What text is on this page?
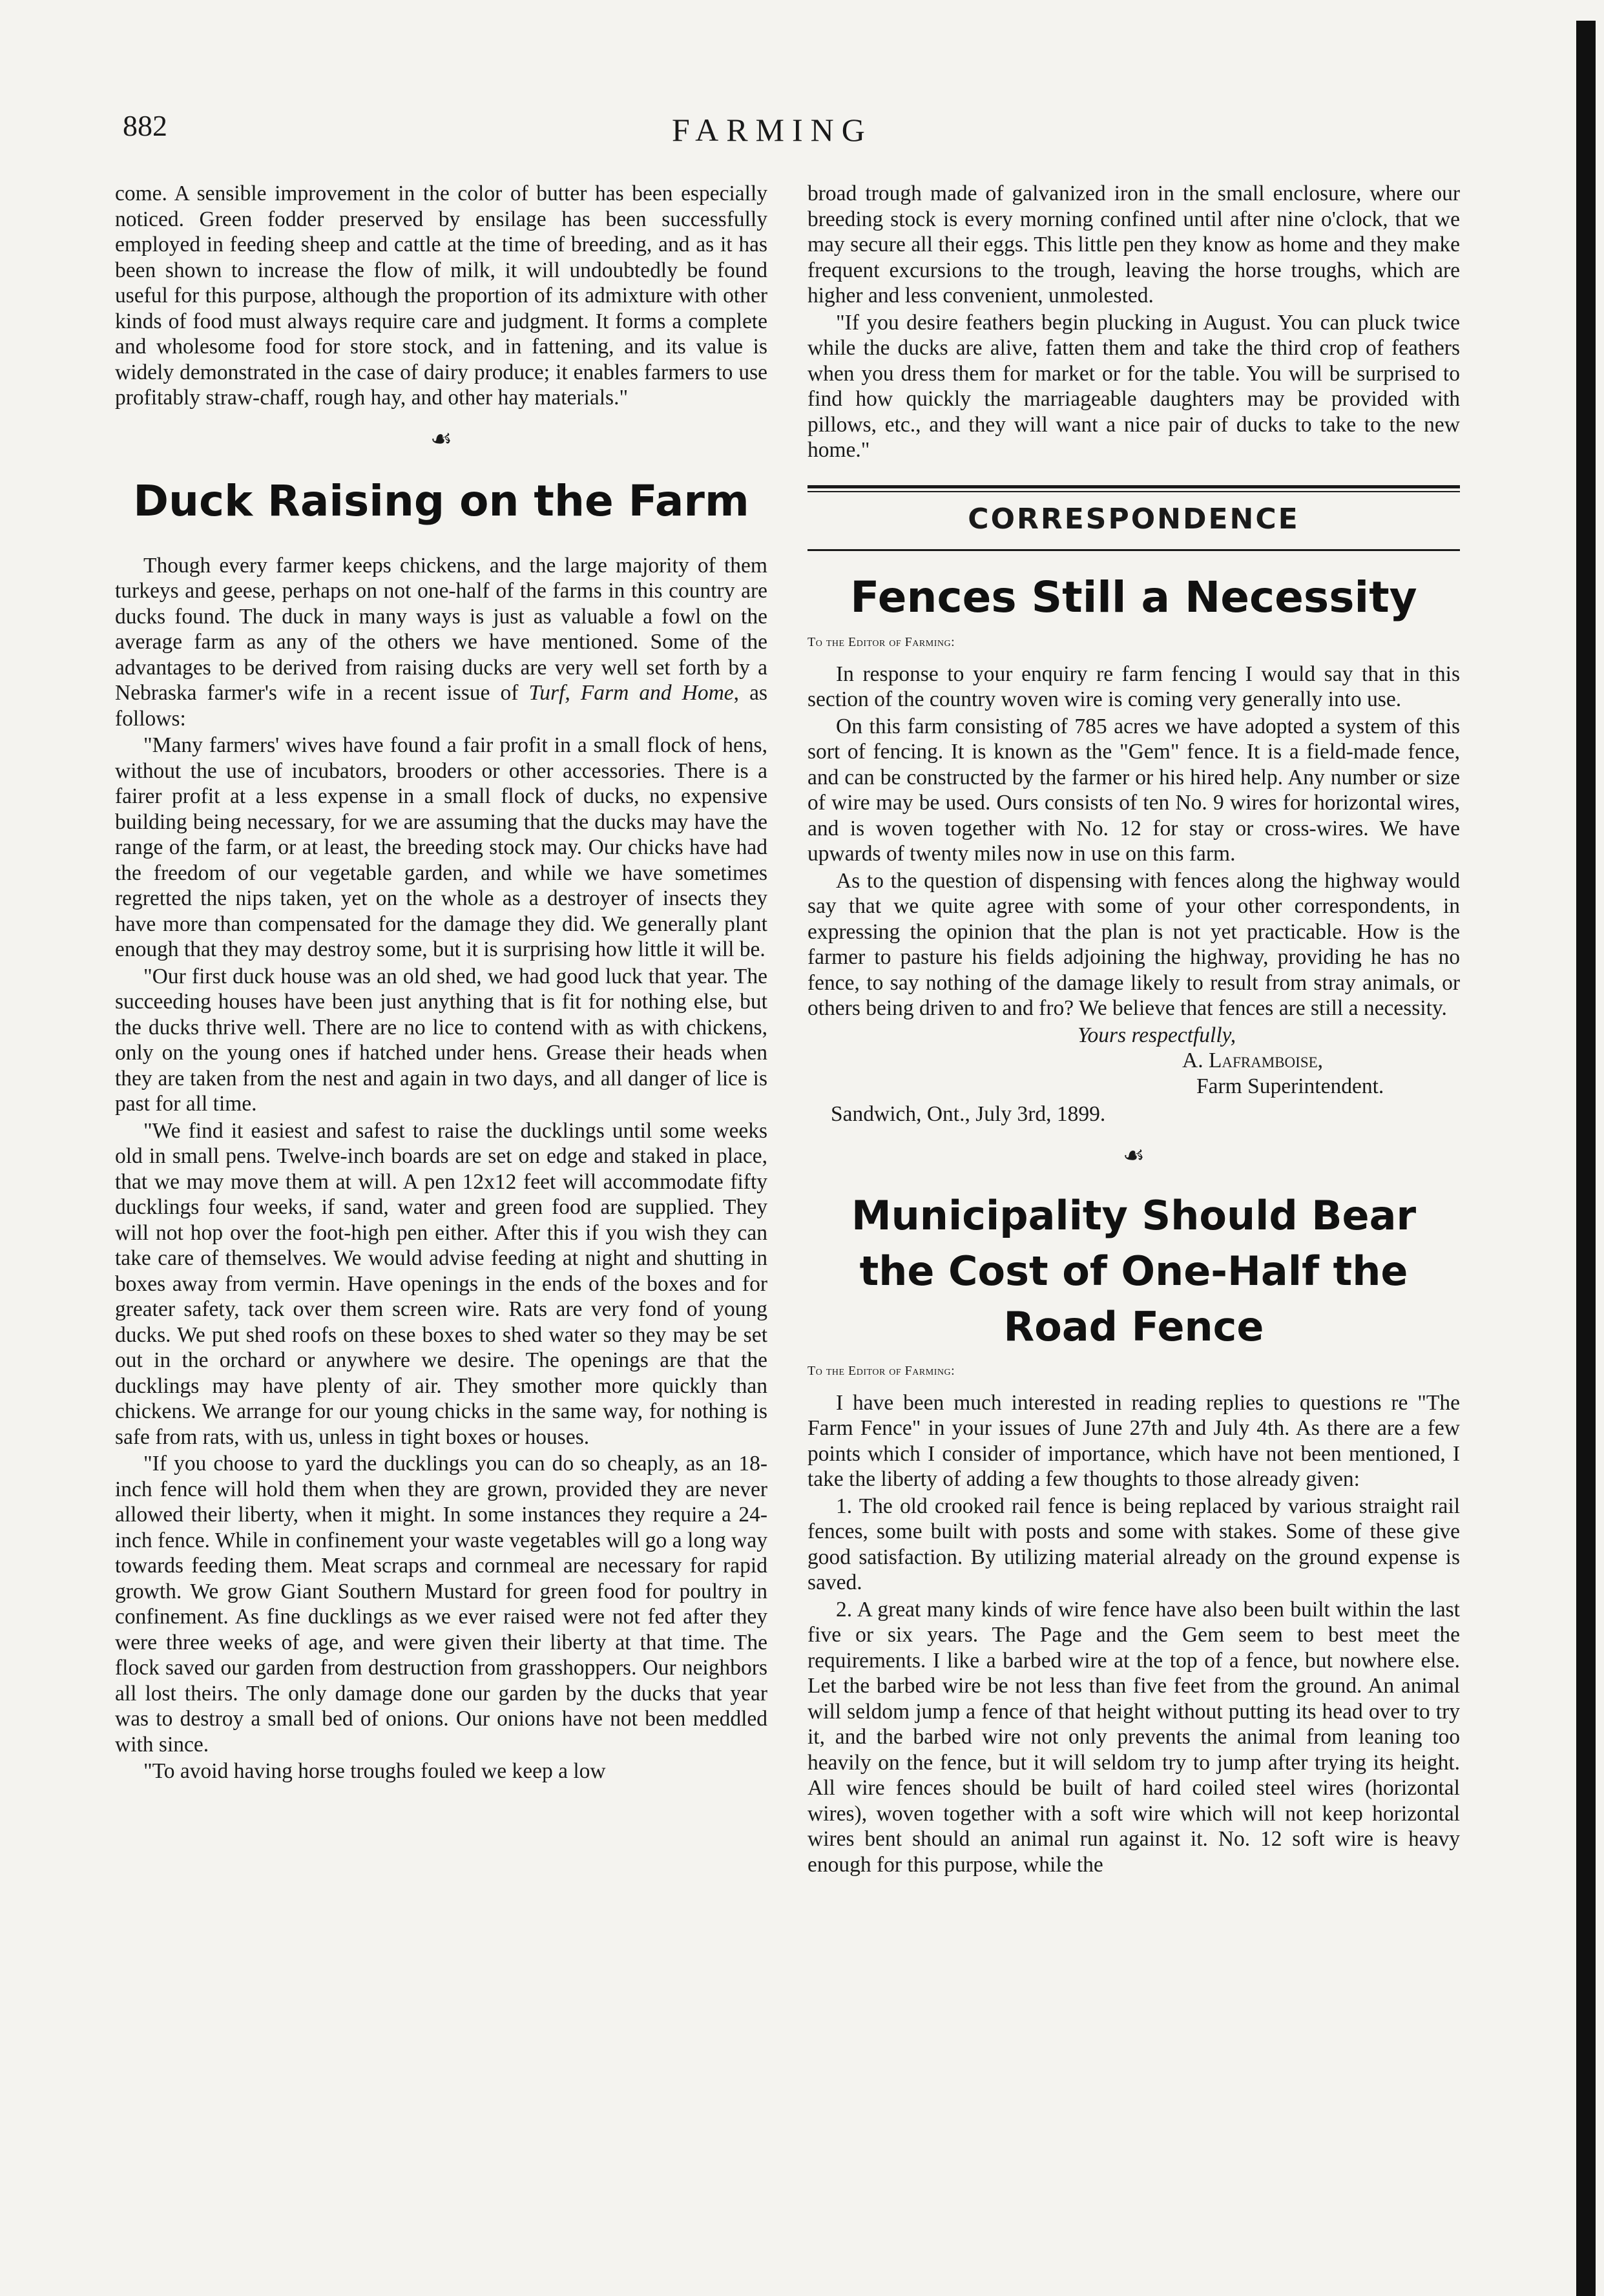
882	FARMING

come. A sensible improvement in the color of butter has been especially noticed. Green fodder preserved by ensilage has been successfully employed in feeding sheep and cattle at the time of breeding, and as it has been shown to increase the flow of milk, it will undoubtedly be found useful for this purpose, although the proportion of its admixture with other kinds of food must always require care and judgment. It forms a complete and wholesome food for store stock, and in fattening, and its value is widely demonstrated in the case of dairy produce; it enables farmers to use profitably straw-chaff, rough hay, and other hay materials."

☙
Duck Raising on the Farm

Though every farmer keeps chickens, and the large majority of them turkeys and geese, perhaps on not one-half of the farms in this country are ducks found. The duck in many ways is just as valuable a fowl on the average farm as any of the others we have mentioned. Some of the advantages to be derived from raising ducks are very well set forth by a Nebraska farmer's wife in a recent issue of Turf, Farm and Home, as follows:

"Many farmers' wives have found a fair profit in a small flock of hens, without the use of incubators, brooders or other accessories. There is a fairer profit at a less expense in a small flock of ducks, no expensive building being necessary, for we are assuming that the ducks may have the range of the farm, or at least, the breeding stock may. Our chicks have had the freedom of our vegetable garden, and while we have sometimes regretted the nips taken, yet on the whole as a destroyer of insects they have more than compensated for the damage they did. We generally plant enough that they may destroy some, but it is surprising how little it will be.

"Our first duck house was an old shed, we had good luck that year. The succeeding houses have been just anything that is fit for nothing else, but the ducks thrive well. There are no lice to contend with as with chickens, only on the young ones if hatched under hens. Grease their heads when they are taken from the nest and again in two days, and all danger of lice is past for all time.

"We find it easiest and safest to raise the ducklings until some weeks old in small pens. Twelve-inch boards are set on edge and staked in place, that we may move them at will. A pen 12x12 feet will accommodate fifty ducklings four weeks, if sand, water and green food are supplied. They will not hop over the foot-high pen either. After this if you wish they can take care of themselves. We would advise feeding at night and shutting in boxes away from vermin. Have openings in the ends of the boxes and for greater safety, tack over them screen wire. Rats are very fond of young ducks. We put shed roofs on these boxes to shed water so they may be set out in the orchard or anywhere we desire. The openings are that the ducklings may have plenty of air. They smother more quickly than chickens. We arrange for our young chicks in the same way, for nothing is safe from rats, with us, unless in tight boxes or houses.

"If you choose to yard the ducklings you can do so cheaply, as an 18-inch fence will hold them when they are grown, provided they are never allowed their liberty, when it might. In some instances they require a 24-inch fence. While in confinement your waste vegetables will go a long way towards feeding them. Meat scraps and cornmeal are necessary for rapid growth. We grow Giant Southern Mustard for green food for poultry in confinement. As fine ducklings as we ever raised were not fed after they were three weeks of age, and were given their liberty at that time. The flock saved our garden from destruction from grasshoppers. Our neighbors all lost theirs. The only damage done our garden by the ducks that year was to destroy a small bed of onions. Our onions have not been meddled with since.

"To avoid having horse troughs fouled we keep a low

broad trough made of galvanized iron in the small enclosure, where our breeding stock is every morning confined until after nine o'clock, that we may secure all their eggs. This little pen they know as home and they make frequent excursions to the trough, leaving the horse troughs, which are higher and less convenient, unmolested.

"If you desire feathers begin plucking in August. You can pluck twice while the ducks are alive, fatten them and take the third crop of feathers when you dress them for market or for the table. You will be surprised to find how quickly the marriageable daughters may be provided with pillows, etc., and they will want a nice pair of ducks to take to the new home."

CORRESPONDENCE
Fences Still a Necessity
To the Editor of Farming:

In response to your enquiry re farm fencing I would say that in this section of the country woven wire is coming very generally into use.

On this farm consisting of 785 acres we have adopted a system of this sort of fencing. It is known as the "Gem" fence. It is a field-made fence, and can be constructed by the farmer or his hired help. Any number or size of wire may be used. Ours consists of ten No. 9 wires for horizontal wires, and is woven together with No. 12 for stay or cross-wires. We have upwards of twenty miles now in use on this farm.

As to the question of dispensing with fences along the highway would say that we quite agree with some of your other correspondents, in expressing the opinion that the plan is not yet practicable. How is the farmer to pasture his fields adjoining the highway, providing he has no fence, to say nothing of the damage likely to result from stray animals, or others being driven to and fro? We believe that fences are still a necessity.

Yours respectfully,
A. Laframboise,
Farm Superintendent.
Sandwich, Ont., July 3rd, 1899.
☙
Municipality Should Bear the Cost of One-Half the Road Fence
To the Editor of Farming:

I have been much interested in reading replies to questions re "The Farm Fence" in your issues of June 27th and July 4th. As there are a few points which I consider of importance, which have not been mentioned, I take the liberty of adding a few thoughts to those already given:

1. The old crooked rail fence is being replaced by various straight rail fences, some built with posts and some with stakes. Some of these give good satisfaction. By utilizing material already on the ground expense is saved.

2. A great many kinds of wire fence have also been built within the last five or six years. The Page and the Gem seem to best meet the requirements. I like a barbed wire at the top of a fence, but nowhere else. Let the barbed wire be not less than five feet from the ground. An animal will seldom jump a fence of that height without putting its head over to try it, and the barbed wire not only prevents the animal from leaning too heavily on the fence, but it will seldom try to jump after trying its height. All wire fences should be built of hard coiled steel wires (horizontal wires), woven together with a soft wire which will not keep horizontal wires bent should an animal run against it. No. 12 soft wire is heavy enough for this purpose, while the
